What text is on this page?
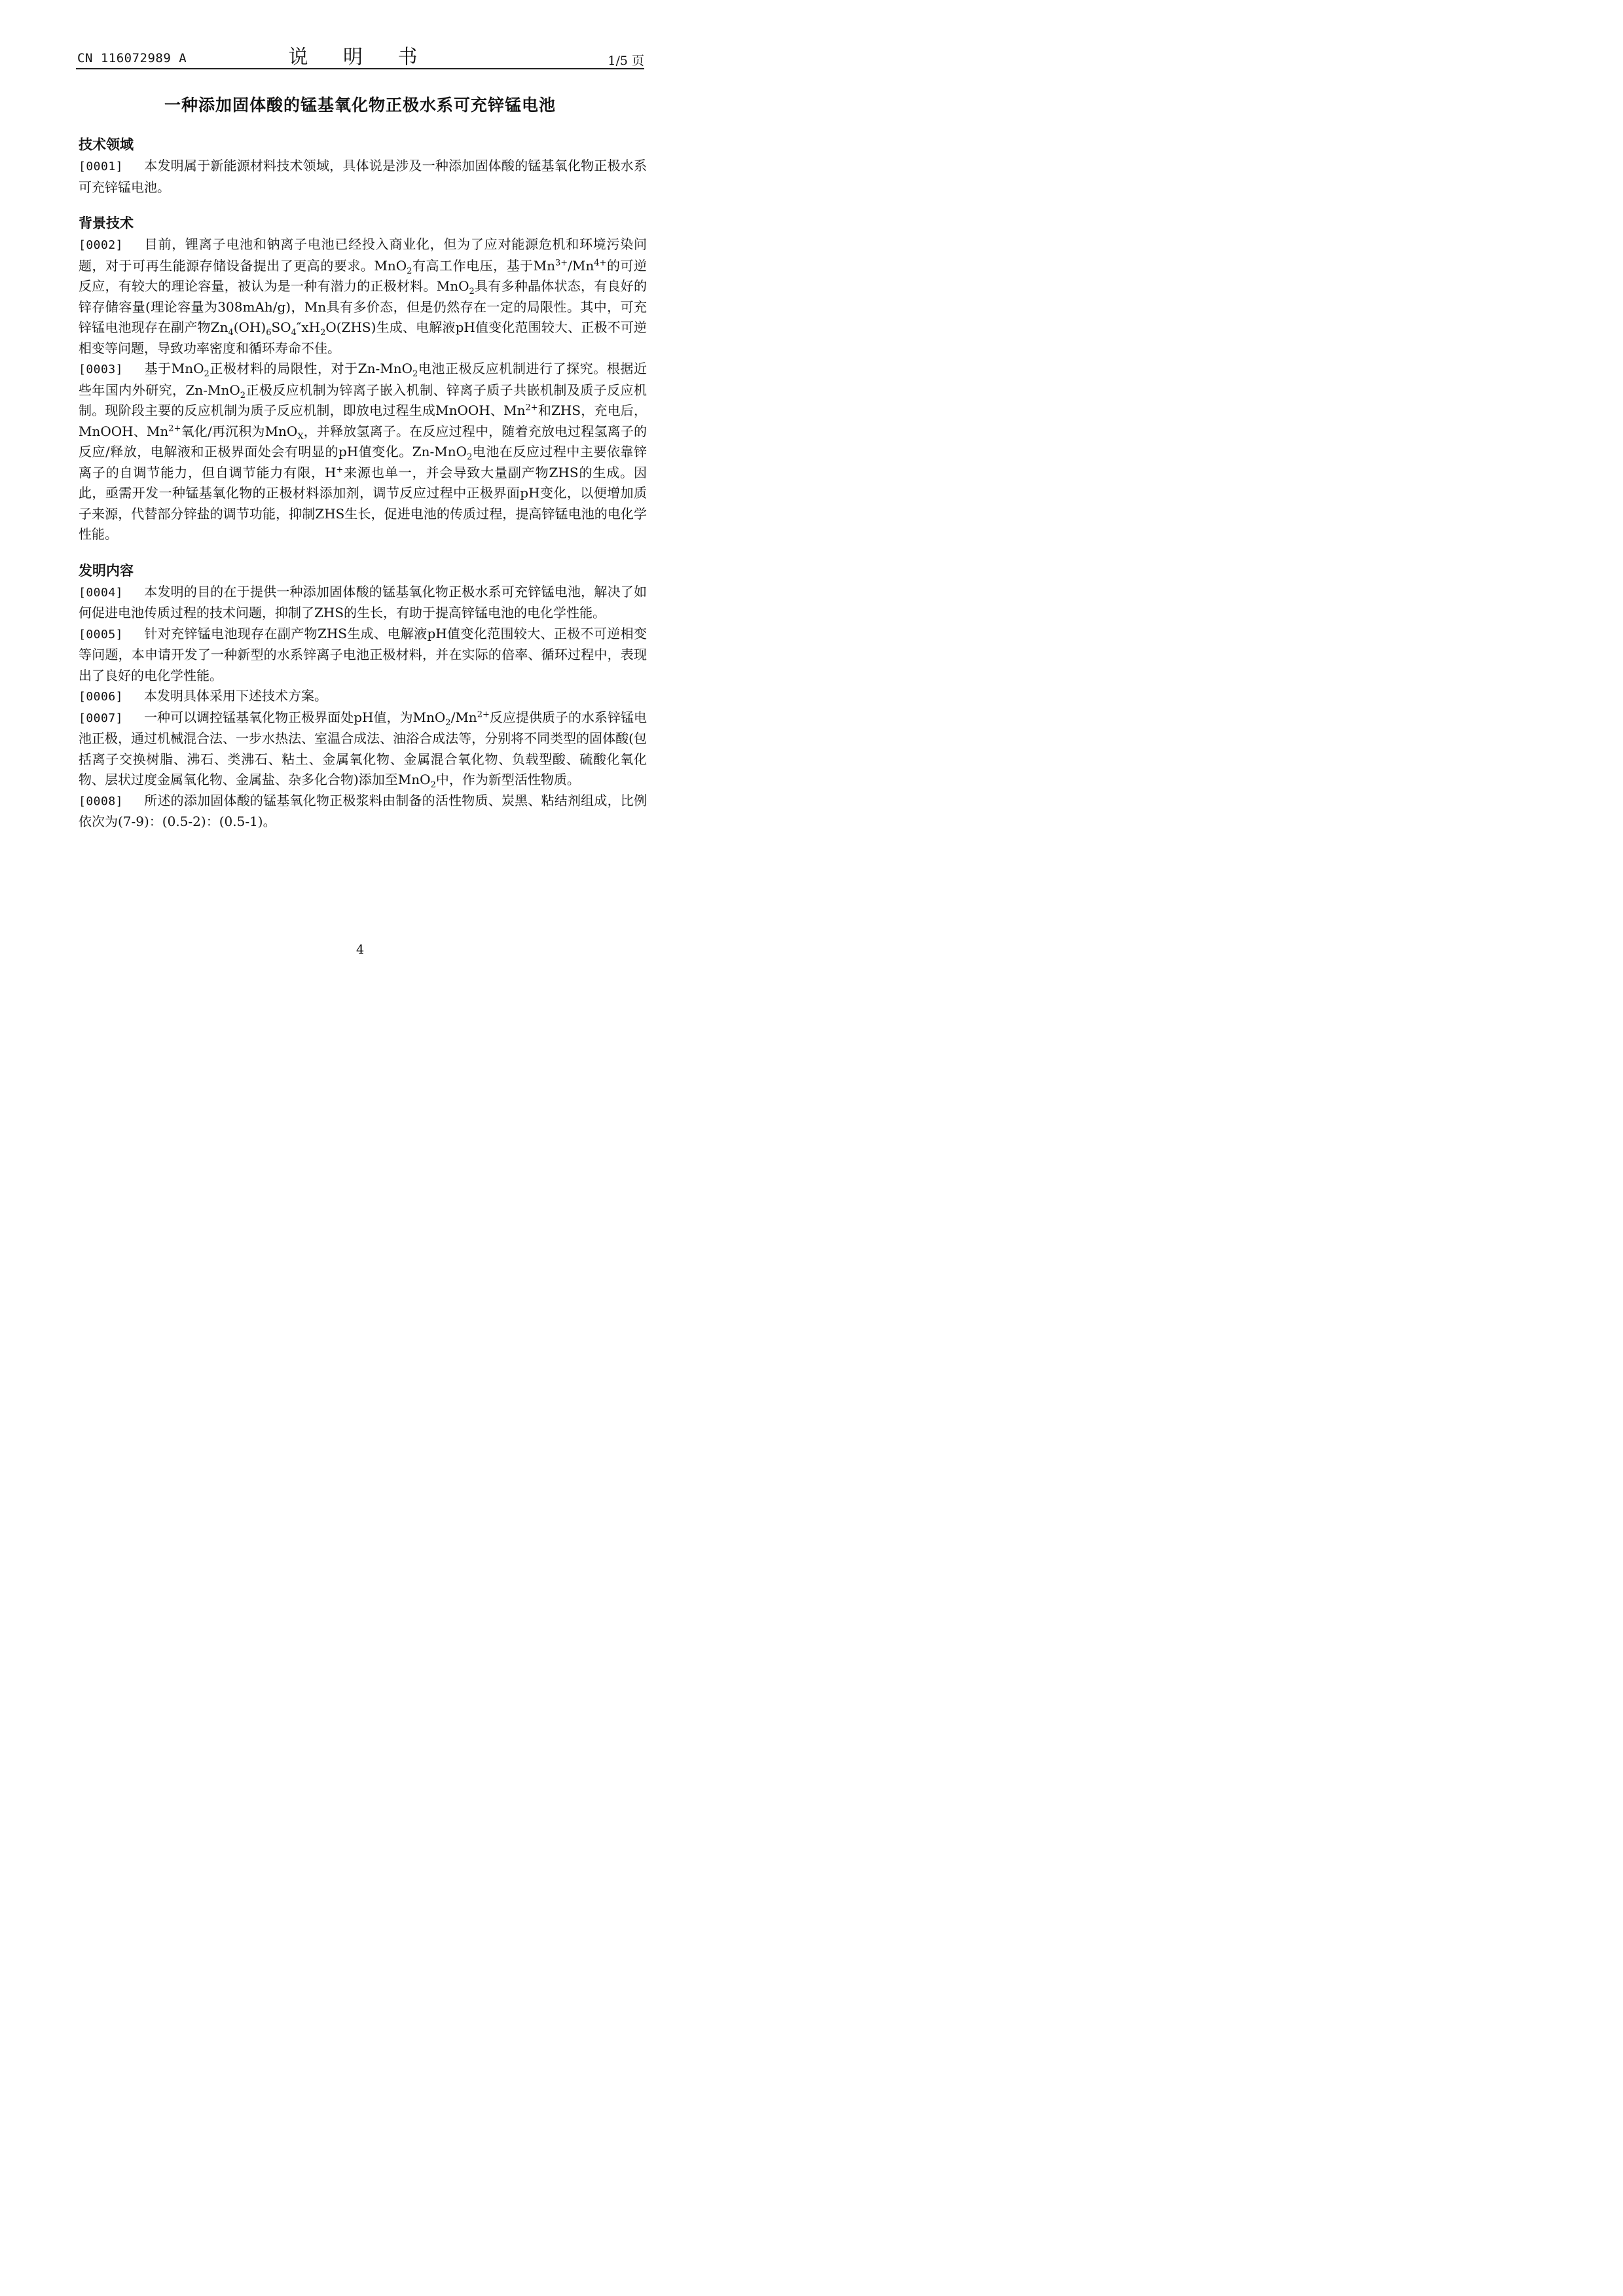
CN 116072989 A	说 明 书	1/5 页
一种添加固体酸的锰基氧化物正极水系可充锌锰电池
技术领域

[0001] 本发明属于新能源材料技术领域，具体说是涉及一种添加固体酸的锰基氧化物正极水系可充锌锰电池。

背景技术

[0002] 目前，锂离子电池和钠离子电池已经投入商业化，但为了应对能源危机和环境污染问题，对于可再生能源存储设备提出了更高的要求。MnO$_2$有高工作电压，基于$Mn^{3+}/Mn^{4+}$的可逆反应，有较大的理论容量，被认为是一种有潜力的正极材料。MnO$_2$具有多种晶体状态，有良好的锌存储容量(理论容量为308mAh/g)，Mn具有多价态，但是仍然存在一定的局限性。其中，可充锌锰电池现存在副产物$Zn_4(OH)_6SO_4''xH_2O(ZHS)$生成、电解液pH值变化范围较大、正极不可逆相变等问题，导致功率密度和循环寿命不佳。

[0003] 基于MnO$_2$正极材料的局限性，对于Zn-MnO$_2$电池正极反应机制进行了探究。根据近些年国内外研究，Zn-MnO$_2$正极反应机制为锌离子嵌入机制、锌离子质子共嵌机制及质子反应机制。现阶段主要的反应机制为质子反应机制，即放电过程生成MnOOH、$Mn^{2+}$和ZHS，充电后，MnOOH、$Mn^{2+}$氧化/再沉积为MnO$_X$，并释放氢离子。在反应过程中，随着充放电过程氢离子的反应/释放，电解液和正极界面处会有明显的pH值变化。Zn-MnO$_2$电池在反应过程中主要依靠锌离子的自调节能力，但自调节能力有限，H+来源也单一，并会导致大量副产物ZHS的生成。因此，亟需开发一种锰基氧化物的正极材料添加剂，调节反应过程中正极界面pH变化，以便增加质子来源，代替部分锌盐的调节功能，抑制ZHS生长，促进电池的传质过程，提高锌锰电池的电化学性能。

发明内容

[0004] 本发明的目的在于提供一种添加固体酸的锰基氧化物正极水系可充锌锰电池，解决了如何促进电池传质过程的技术问题，抑制了ZHS的生长，有助于提高锌锰电池的电化学性能。

[0005] 针对充锌锰电池现存在副产物ZHS生成、电解液pH值变化范围较大、正极不可逆相变等问题，本申请开发了一种新型的水系锌离子电池正极材料，并在实际的倍率、循环过程中，表现出了良好的电化学性能。

[0006] 本发明具体采用下述技术方案。

[0007] 一种可以调控锰基氧化物正极界面处pH值，为$MnO_2/Mn^{2+}$反应提供质子的水系锌锰电池正极，通过机械混合法、一步水热法、室温合成法、油浴合成法等，分别将不同类型的固体酸(包括离子交换树脂、沸石、类沸石、粘土、金属氧化物、金属混合氧化物、负载型酸、硫酸化氧化物、层状过度金属氧化物、金属盐、杂多化合物)添加至MnO$_2$中，作为新型活性物质。

[0008] 所述的添加固体酸的锰基氧化物正极浆料由制备的活性物质、炭黑、粘结剂组成，比例依次为(7-9)：(0.5-2)：(0.5-1)。

4
